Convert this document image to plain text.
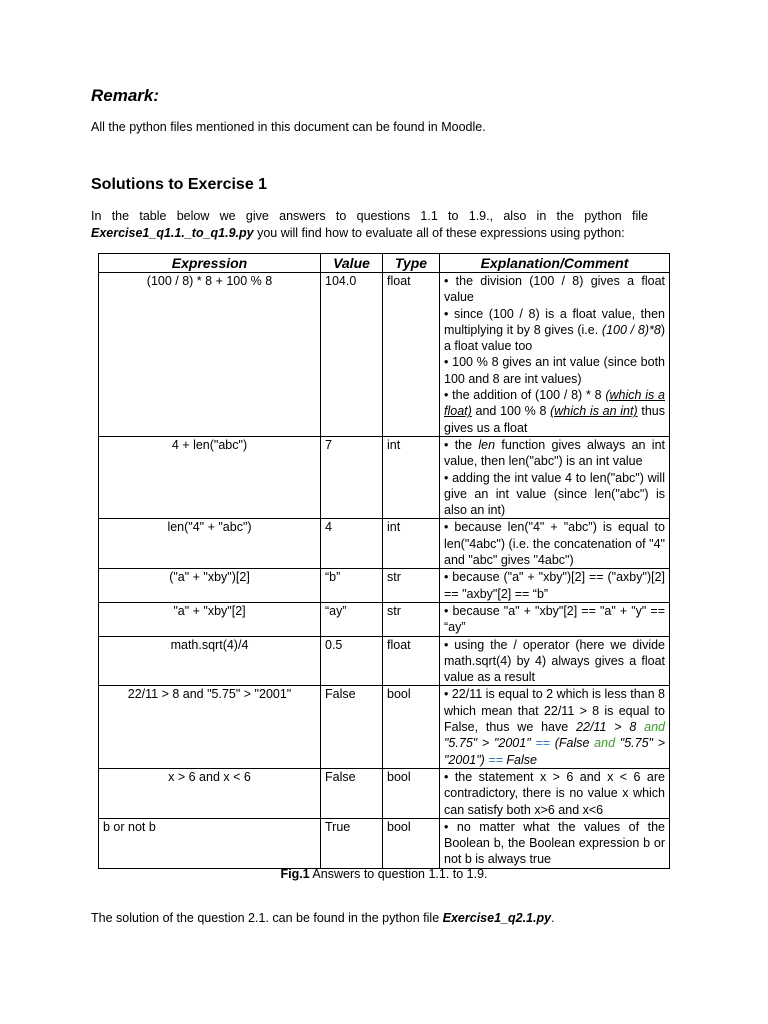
Remark:
All the python files mentioned in this document can be found in Moodle.
Solutions to Exercise 1
In the table below we give answers to questions 1.1 to 1.9., also in the python file
Exercise1_q1.1._to_q1.9.py you will find how to evaluate all of these expressions using python:
Expression	Value	Type	Explanation/Comment
(100 / 8) * 8 + 100 % 8	104.0	float	• the division (100 / 8) gives a float value
• since (100 / 8) is a float value, then multiplying it by 8 gives (i.e. (100 / 8)*8) a float value too
• 100 % 8 gives an int value (since both 100 and 8 are int values)
• the addition of (100 / 8) * 8 (which is a float) and 100 % 8 (which is an int) thus gives us a float

4 + len("abc")	7	int	• the len function gives always an int value, then len("abc") is an int value
• adding the int value 4 to len("abc") will give an int value (since len("abc") is also an int)

len("4" + "abc")	4	int	• because len("4" + "abc") is equal to len("4abc") (i.e. the concatenation of "4" and "abc" gives "4abc")

("a" + "xby")[2]	“b”	str	• because ("a" + "xby")[2] == ("axby")[2] == "axby"[2] == “b”

"a" + "xby"[2]	“ay”	str	• because "a" + "xby"[2] == "a" + "y" == “ay”

math.sqrt(4)/4	0.5	float	• using the / operator (here we divide math.sqrt(4) by 4) always gives a float value as a result

22/11 > 8 and "5.75" > "2001"	False	bool	• 22/11 is equal to 2 which is less than 8 which mean that 22/11 > 8 is equal to False, thus we have 22/11 > 8 and "5.75" > "2001" == (False and "5.75" > "2001") == False

x > 6 and x < 6	False	bool	• the statement x > 6 and x < 6 are contradictory, there is no value x which can satisfy both x>6 and x<6

b or not b	True	bool	• no matter what the values of the Boolean b, the Boolean expression b or not b is always true
Fig.1 Answers to question 1.1. to 1.9.
The solution of the question 2.1. can be found in the python file Exercise1_q2.1.py.
